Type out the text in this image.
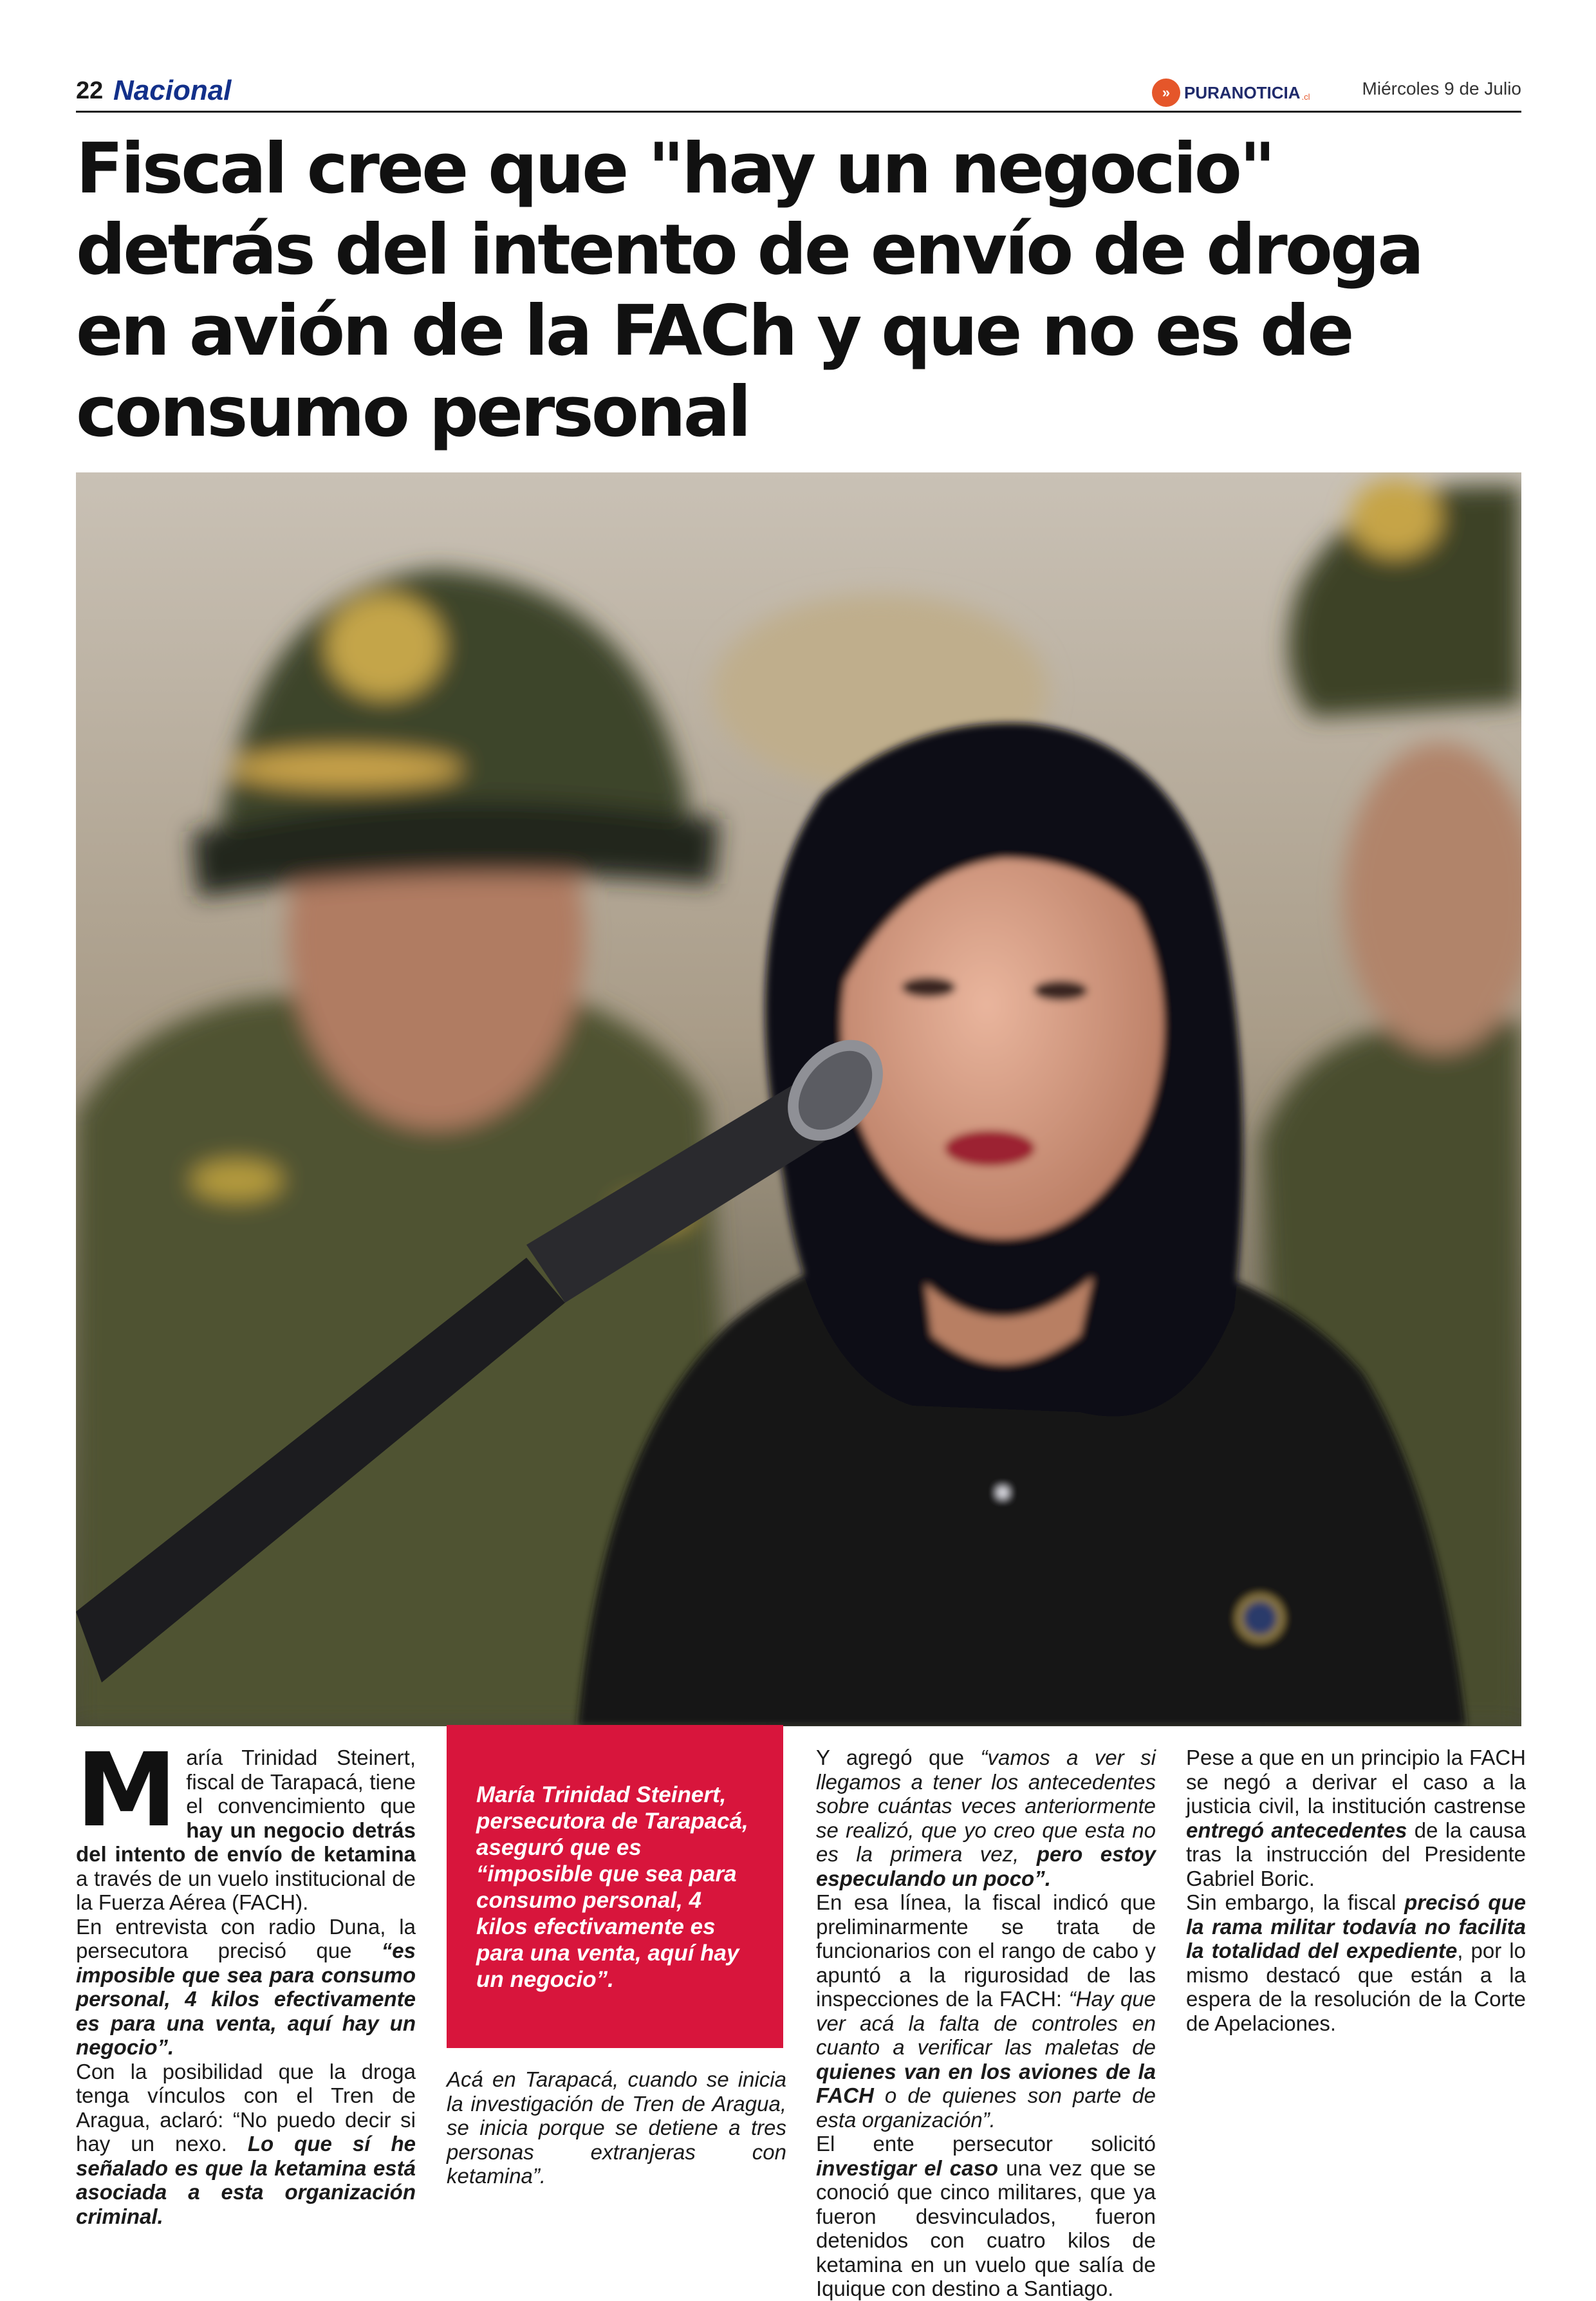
22 Nacional	» PURANOTICIA .cl	Miércoles 9 de Julio
Fiscal cree que "hay un negocio" detrás del intento de envío de droga en avión de la FACh y que no es de consumo personal
M aría Trinidad Steinert, fiscal de Tarapacá, tiene el convencimiento que hay un negocio detrás del intento de envío de ketamina a través de un vuelo institucional de la Fuerza Aérea (FACH).

En entrevista con radio Duna, la persecutora precisó que “es imposible que sea para consumo personal, 4 kilos efectivamente es para una venta, aquí hay un negocio”.

Con la posibilidad que la droga tenga vínculos con el Tren de Aragua, aclaró: “No puedo decir si hay un nexo. Lo que sí he señalado es que la ketamina está asociada a esta organización criminal.

María Trinidad Steinert, persecutora de Tarapacá, aseguró que es “imposible que sea para consumo personal, 4 kilos efectivamente es para una venta, aquí hay un negocio”.

Acá en Tarapacá, cuando se inicia la investigación de Tren de Aragua, se inicia porque se detiene a tres personas extranjeras con ketamina”.

Y agregó que “vamos a ver si llegamos a tener los antecedentes sobre cuántas veces anteriormente se realizó, que yo creo que esta no es la primera vez, pero estoy especulando un poco”.

En esa línea, la fiscal indicó que preliminarmente se trata de funcionarios con el rango de cabo y apuntó a la rigurosidad de las inspecciones de la FACH: “Hay que ver acá la falta de controles en cuanto a verificar las maletas de quienes van en los aviones de la FACH o de quienes son parte de esta organización”.

El ente persecutor solicitó investigar el caso una vez que se conoció que cinco militares, que ya fueron desvinculados, fueron detenidos con cuatro kilos de ketamina en un vuelo que salía de Iquique con destino a Santiago.

Pese a que en un principio la FACH se negó a derivar el caso a la justicia civil, la institución castrense entregó antecedentes de la causa tras la instrucción del Presidente Gabriel Boric.

Sin embargo, la fiscal precisó que la rama militar todavía no facilita la totalidad del expediente, por lo mismo destacó que están a la espera de la resolución de la Corte de Apelaciones.
